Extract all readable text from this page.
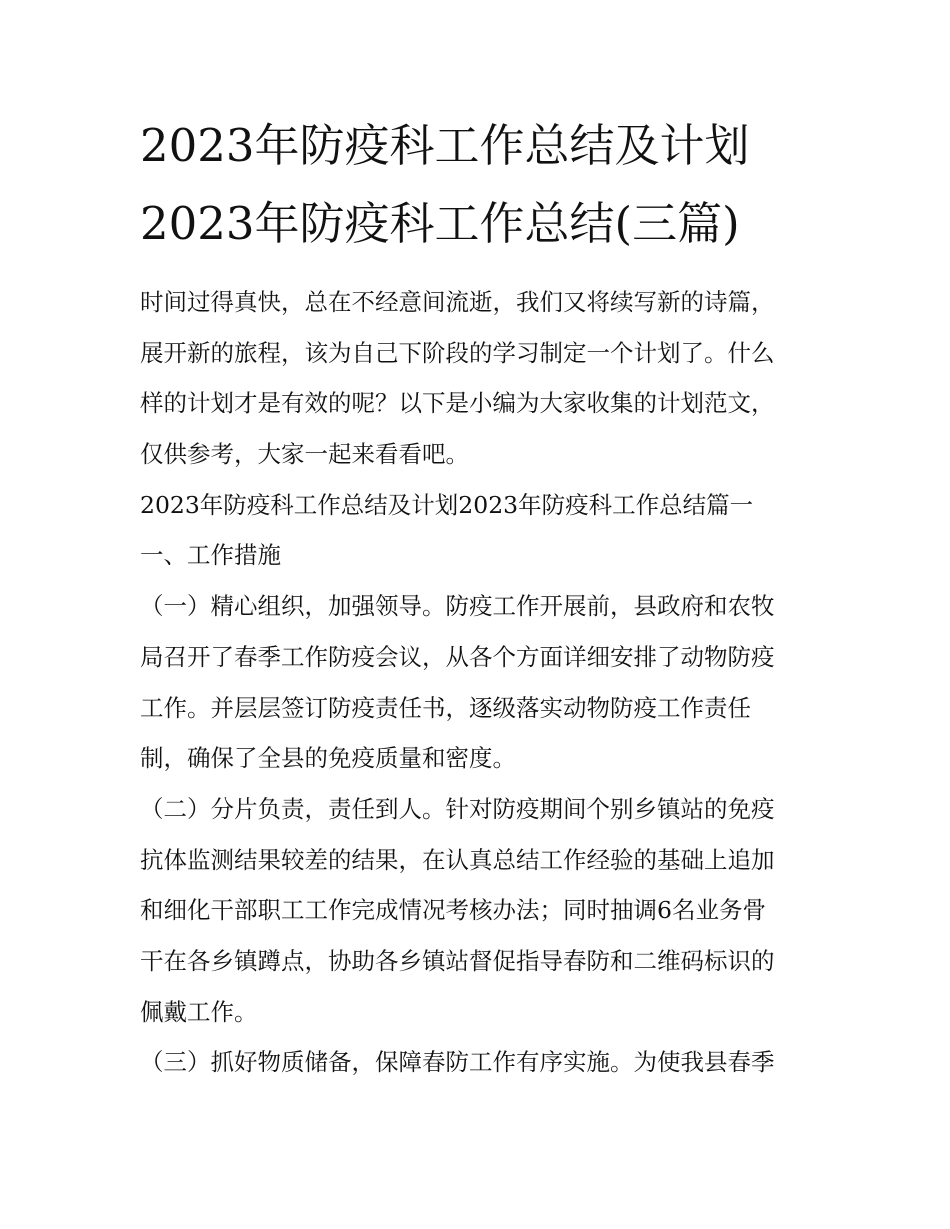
2023年防疫科工作总结及计划
2023年防疫科工作总结(三篇)
时间过得真快，总在不经意间流逝，我们又将续写新的诗篇，
展开新的旅程，该为自己下阶段的学习制定一个计划了。什么
样的计划才是有效的呢？以下是小编为大家收集的计划范文，
仅供参考，大家一起来看看吧。
2023年防疫科工作总结及计划2023年防疫科工作总结篇一
一、工作措施
（一）精心组织，加强领导。防疫工作开展前，县政府和农牧
局召开了春季工作防疫会议，从各个方面详细安排了动物防疫
工作。并层层签订防疫责任书，逐级落实动物防疫工作责任
制，确保了全县的免疫质量和密度。
（二）分片负责，责任到人。针对防疫期间个别乡镇站的免疫
抗体监测结果较差的结果，在认真总结工作经验的基础上追加
和细化干部职工工作完成情况考核办法；同时抽调6名业务骨
干在各乡镇蹲点，协助各乡镇站督促指导春防和二维码标识的
佩戴工作。
（三）抓好物质储备，保障春防工作有序实施。为使我县春季
